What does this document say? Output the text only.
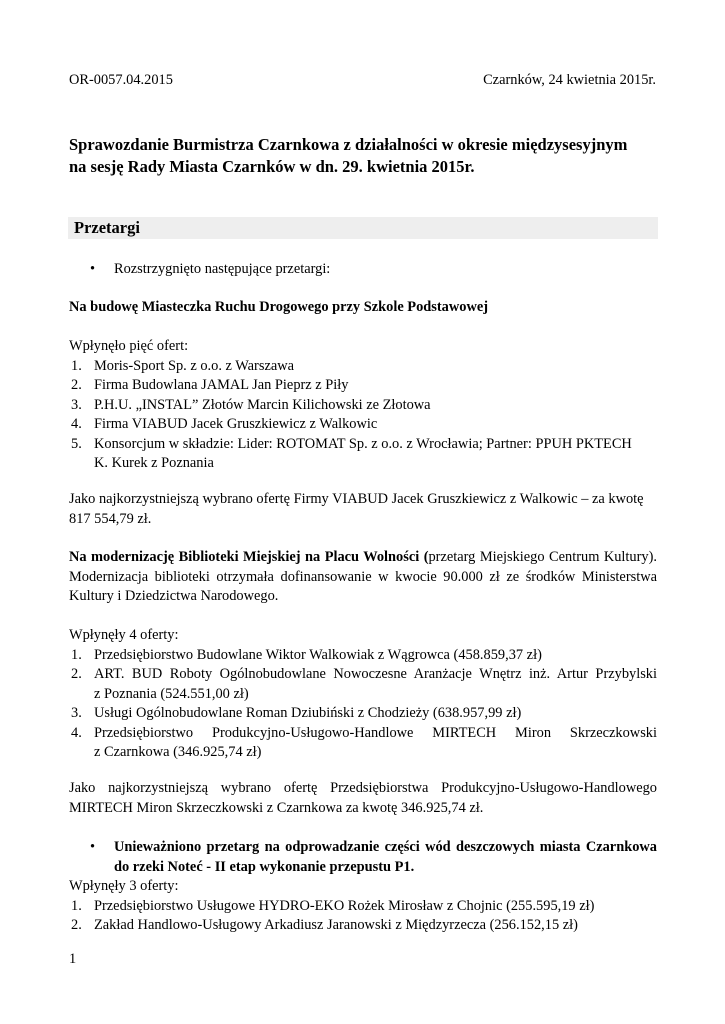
OR-0057.04.2015	Czarnków, 24 kwietnia 2015r.
Sprawozdanie Burmistrza Czarnkowa z działalności w okresie międzysesyjnym
na sesję Rady Miasta Czarnków w dn. 29. kwietnia 2015r.
Przetargi
• Rozstrzygnięto następujące przetargi:
Na budowę Miasteczka Ruchu Drogowego przy Szkole Podstawowej
Wpłynęło pięć ofert:
1. Moris-Sport Sp. z o.o. z Warszawa
2. Firma Budowlana JAMAL Jan Pieprz z Piły
3. P.H.U. „INSTAL” Złotów Marcin Kilichowski ze Złotowa
4. Firma VIABUD Jacek Gruszkiewicz z Walkowic
5. Konsorcjum w składzie: Lider: ROTOMAT Sp. z o.o. z Wrocławia; Partner: PPUH PKTECH
K. Kurek z Poznania
Jako najkorzystniejszą wybrano ofertę Firmy VIABUD Jacek Gruszkiewicz z Walkowic – za kwotę
817 554,79 zł.
Na modernizację Biblioteki Miejskiej na Placu Wolności (przetarg Miejskiego Centrum Kultury). Modernizacja biblioteki otrzymała dofinansowanie w kwocie 90.000 zł ze środków Ministerstwa Kultury i Dziedzictwa Narodowego.
Wpłynęły 4 oferty:
1. Przedsiębiorstwo Budowlane Wiktor Walkowiak z Wągrowca (458.859,37 zł)
2. ART. BUD Roboty Ogólnobudowlane Nowoczesne Aranżacje Wnętrz inż. Artur Przybylski
z Poznania (524.551,00 zł)
3. Usługi Ogólnobudowlane Roman Dziubiński z Chodzieży (638.957,99 zł)
4. Przedsiębiorstwo Produkcyjno-Usługowo-Handlowe MIRTECH Miron Skrzeczkowski
z Czarnkowa (346.925,74 zł)
Jako najkorzystniejszą wybrano ofertę Przedsiębiorstwa Produkcyjno-Usługowo-Handlowego
MIRTECH Miron Skrzeczkowski z Czarnkowa za kwotę 346.925,74 zł.
• Unieważniono przetarg na odprowadzanie części wód deszczowych miasta Czarnkowa
do rzeki Noteć - II etap wykonanie przepustu P1.
Wpłynęły 3 oferty:
1. Przedsiębiorstwo Usługowe HYDRO-EKO Rożek Mirosław z Chojnic (255.595,19 zł)
2. Zakład Handlowo-Usługowy Arkadiusz Jaranowski z Międzyrzecza (256.152,15 zł)
1
